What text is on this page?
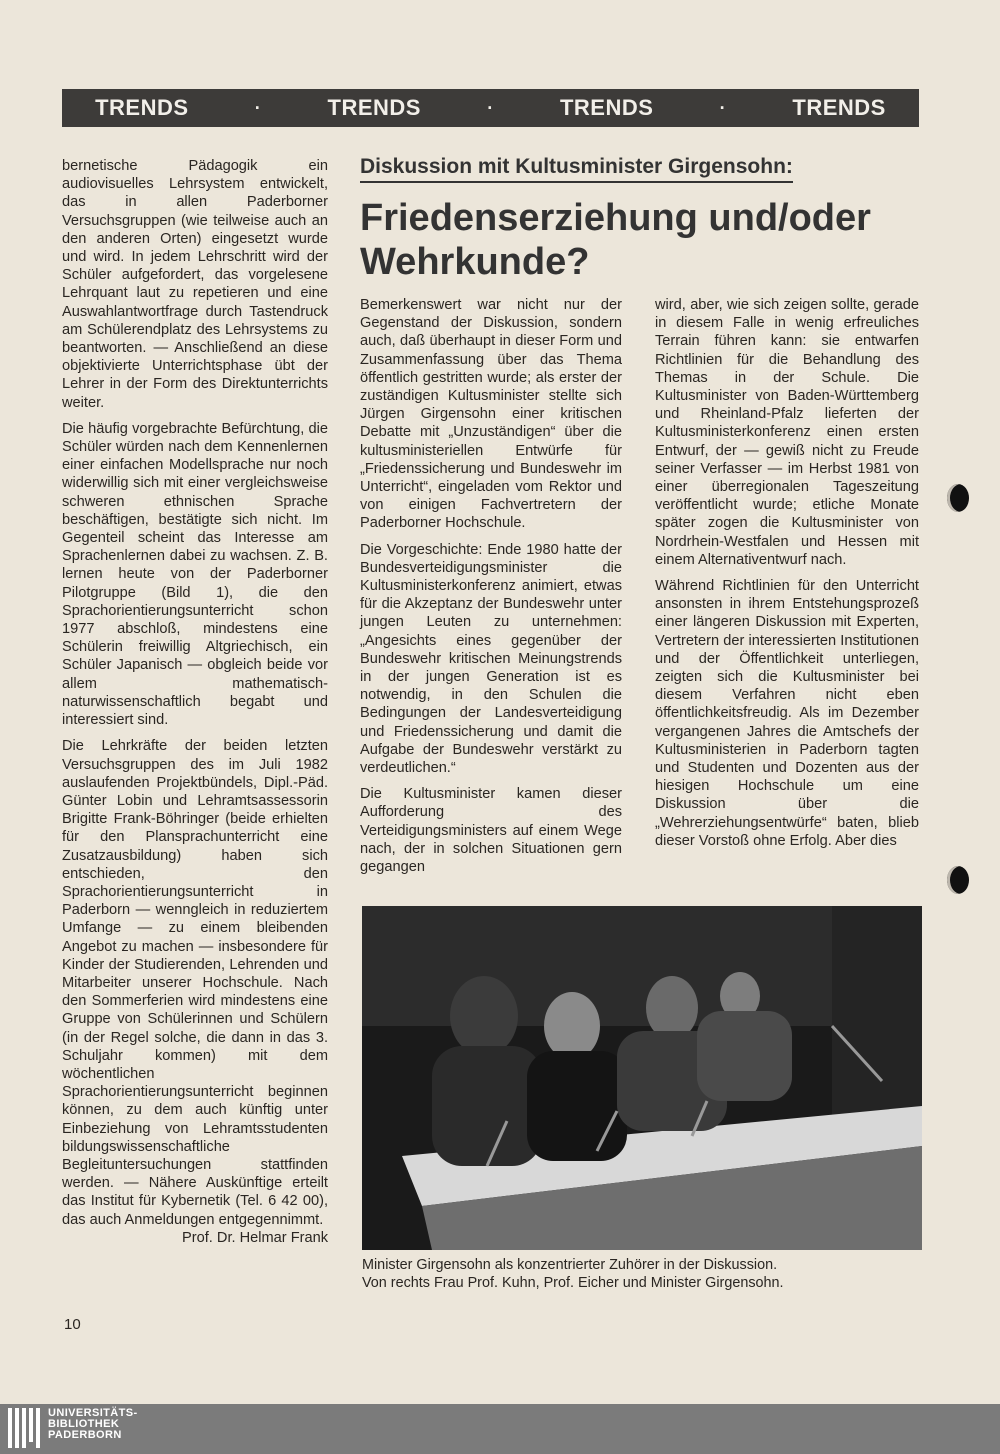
TRENDS	·	TRENDS	·	TRENDS	·	TRENDS

bernetische Pädagogik ein audiovisuelles Lehrsystem entwickelt, das in allen Paderborner Versuchsgruppen (wie teilweise auch an den anderen Orten) eingesetzt wurde und wird. In jedem Lehrschritt wird der Schüler aufgefordert, das vorgelesene Lehrquant laut zu repetieren und eine Auswahlantwortfrage durch Tastendruck am Schülerendplatz des Lehrsystems zu beantworten. — Anschließend an diese objektivierte Unterrichtsphase übt der Lehrer in der Form des Direktunterrichts weiter.

Die häufig vorgebrachte Befürchtung, die Schüler würden nach dem Kennenlernen einer einfachen Modellsprache nur noch widerwillig sich mit einer vergleichsweise schweren ethnischen Sprache beschäftigen, bestätigte sich nicht. Im Gegenteil scheint das Interesse am Sprachenlernen dabei zu wachsen. Z. B. lernen heute von der Paderborner Pilotgruppe (Bild 1), die den Sprachorientierungsunterricht schon 1977 abschloß, mindestens eine Schülerin freiwillig Altgriechisch, ein Schüler Japanisch — obgleich beide vor allem mathematisch-naturwissenschaftlich begabt und interessiert sind.

Die Lehrkräfte der beiden letzten Versuchsgruppen des im Juli 1982 auslaufenden Projektbündels, Dipl.-Päd. Günter Lobin und Lehramtsassessorin Brigitte Frank-Böhringer (beide erhielten für den Plansprachunterricht eine Zusatzausbildung) haben sich entschieden, den Sprachorientierungsunterricht in Paderborn — wenngleich in reduziertem Umfange — zu einem bleibenden Angebot zu machen — insbesondere für Kinder der Studierenden, Lehrenden und Mitarbeiter unserer Hochschule. Nach den Sommerferien wird mindestens eine Gruppe von Schülerinnen und Schülern (in der Regel solche, die dann in das 3. Schuljahr kommen) mit dem wöchentlichen Sprachorientierungsunterricht beginnen können, zu dem auch künftig unter Einbeziehung von Lehramtsstudenten bildungswissenschaftliche Begleituntersuchungen stattfinden werden. — Nähere Auskünftige erteilt das Institut für Kybernetik (Tel. 6 42 00), das auch Anmeldungen entgegennimmt.
Prof. Dr. Helmar Frank

Diskussion mit Kultusminister Girgensohn:
Friedenserziehung und/oder Wehrkunde?

Bemerkenswert war nicht nur der Gegenstand der Diskussion, sondern auch, daß überhaupt in dieser Form und Zusammenfassung über das Thema öffentlich gestritten wurde; als erster der zuständigen Kultusminister stellte sich Jürgen Girgensohn einer kritischen Debatte mit „Unzuständigen“ über die kultusministeriellen Entwürfe für „Friedenssicherung und Bundeswehr im Unterricht“, eingeladen vom Rektor und von einigen Fachvertretern der Paderborner Hochschule.

Die Vorgeschichte: Ende 1980 hatte der Bundesverteidigungsminister die Kultusministerkonferenz animiert, etwas für die Akzeptanz der Bundeswehr unter jungen Leuten zu unternehmen: „Angesichts eines gegenüber der Bundeswehr kritischen Meinungstrends in der jungen Generation ist es notwendig, in den Schulen die Bedingungen der Landesverteidigung und Friedenssicherung und damit die Aufgabe der Bundeswehr verstärkt zu verdeutlichen.“

Die Kultusminister kamen dieser Aufforderung des Verteidigungsministers auf einem Wege nach, der in solchen Situationen gern gegangen

wird, aber, wie sich zeigen sollte, gerade in diesem Falle in wenig erfreuliches Terrain führen kann: sie entwarfen Richtlinien für die Behandlung des Themas in der Schule. Die Kultusminister von Baden-Württemberg und Rheinland-Pfalz lieferten der Kultusministerkonferenz einen ersten Entwurf, der — gewiß nicht zu Freude seiner Verfasser — im Herbst 1981 von einer überregionalen Tageszeitung veröffentlicht wurde; etliche Monate später zogen die Kultusminister von Nordrhein-Westfalen und Hessen mit einem Alternativentwurf nach.

Während Richtlinien für den Unterricht ansonsten in ihrem Entstehungsprozeß einer längeren Diskussion mit Experten, Vertretern der interessierten Institutionen und der Öffentlichkeit unterliegen, zeigten sich die Kultusminister bei diesem Verfahren nicht eben öffentlichkeitsfreudig. Als im Dezember vergangenen Jahres die Amtschefs der Kultusministerien in Paderborn tagten und Studenten und Dozenten aus der hiesigen Hochschule um eine Diskussion über die „Wehrerziehungsentwürfe“ baten, blieb dieser Vorstoß ohne Erfolg. Aber dies

Minister Girgensohn als konzentrierter Zuhörer in der Diskussion.
Von rechts Frau Prof. Kuhn, Prof. Eicher und Minister Girgensohn.
10
UNIVERSITÄTS-
BIBLIOTHEK
PADERBORN
